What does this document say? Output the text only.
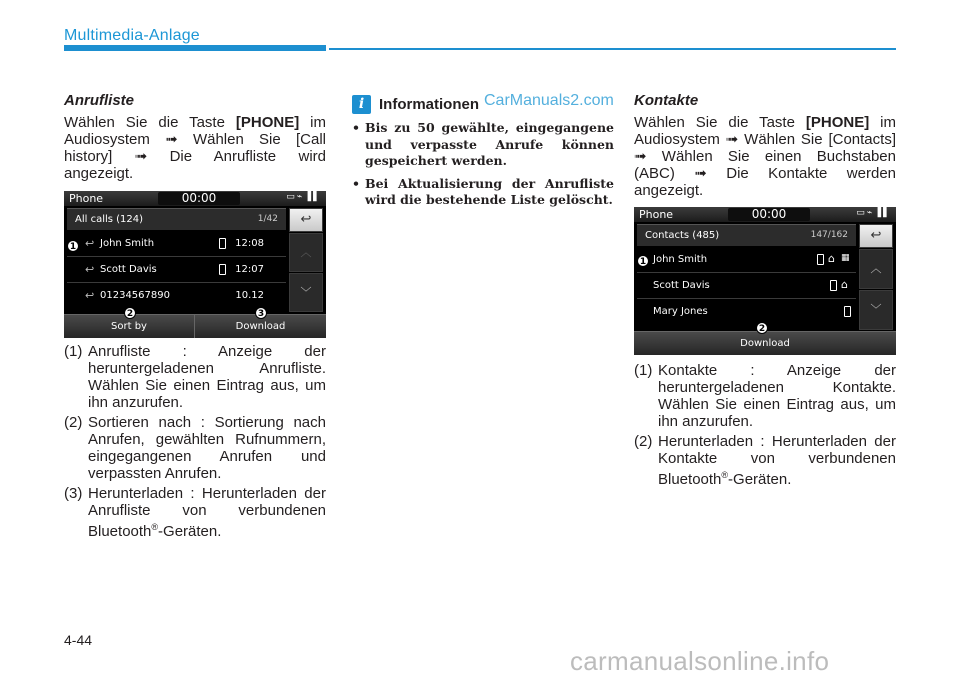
Multimedia-Anlage
Anrufliste

Wählen Sie die Taste [PHONE] im Audiosystem ➟ Wählen Sie [Call history] ➟ Die Anrufliste wird angezeigt.

Phone	00:00	▭⌁▐▌
All calls (124)	1/42
↩ John Smith	12:08
↩ Scott Davis	12:07
↩ 01234567890	10.12
↩
︿
﹀
Sort by	Download
1
2	3
(1) Anrufliste : Anzeige der heruntergeladenen Anrufliste. Wählen Sie einen Eintrag aus, um ihn anzurufen.
(2) Sortieren nach : Sortierung nach Anrufen, gewählten Rufnummern, eingegangenen Anrufen und verpassten Anrufen.
(3) Herunterladen : Herunterladen der Anrufliste von verbundenen Bluetooth®-Geräten.
i Informationen
• Bis zu 50 gewählte, eingegangene und verpasste Anrufe können gespeichert werden.
• Bei Aktualisierung der Anrufliste wird die bestehende Liste gelöscht.
CarManuals2.com Kontakte

Wählen Sie die Taste [PHONE] im Audiosystem ➟ Wählen Sie [Contacts] ➟ Wählen Sie einen Buchstaben (ABC) ➟ Die Kontakte werden angezeigt.

Phone	00:00	▭⌁▐▌
Contacts (485)	147/162
John Smith	⌂ ▦
Scott Davis	⌂
Mary Jones
↩
︿
﹀
Download
1
2
(1) Kontakte : Anzeige der heruntergeladenen Kontakte. Wählen Sie einen Eintrag aus, um ihn anzurufen.
(2) Herunterladen : Herunterladen der Kontakte von verbundenen Bluetooth®-Geräten.
4-44
carmanualsonline.info
